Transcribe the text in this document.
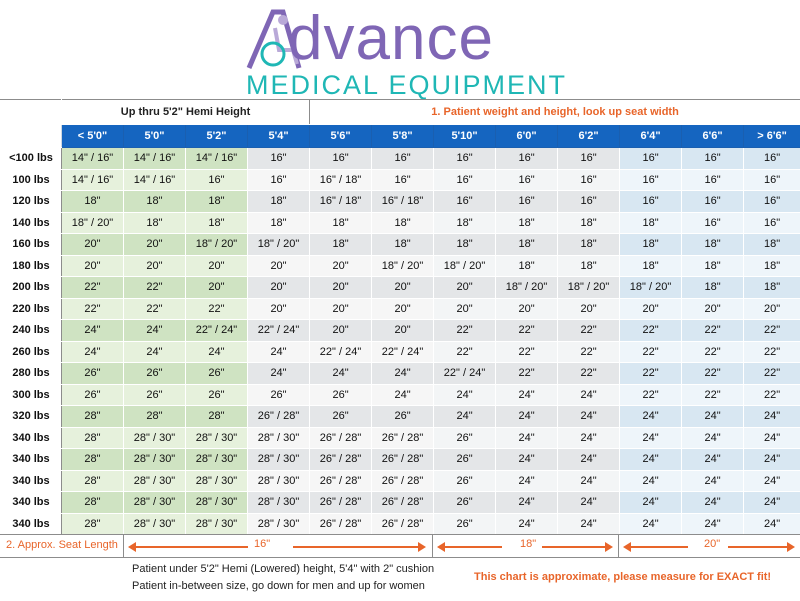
dvance
MEDICAL EQUIPMENT
	Up thru 5'2" Hemi Height				1. Patient weight and height, look up seat width							
	< 5'0"	5'0"	5'2"	5'4"	5'6"	5'8"	5'10"	6'0"	6'2"	6'4"	6'6"	> 6'6"
<100 lbs	14" / 16"	14" / 16"	14" / 16"	16"	16"	16"	16"	16"	16"	16"	16"	16"
100 lbs	14" / 16"	14" / 16"	16"	16"	16" / 18"	16"	16"	16"	16"	16"	16"	16"
120 lbs	18"	18"	18"	18"	16" / 18"	16" / 18"	16"	16"	16"	16"	16"	16"
140 lbs	18" / 20"	18"	18"	18"	18"	18"	18"	18"	18"	18"	16"	16"
160 lbs	20"	20"	18" / 20"	18" / 20"	18"	18"	18"	18"	18"	18"	18"	18"
180 lbs	20"	20"	20"	20"	20"	18" / 20"	18" / 20"	18"	18"	18"	18"	18"
200 lbs	22"	22"	20"	20"	20"	20"	20"	18" / 20"	18" / 20"	18" / 20"	18"	18"
220 lbs	22"	22"	22"	20"	20"	20"	20"	20"	20"	20"	20"	20"
240 lbs	24"	24"	22" / 24"	22" / 24"	20"	20"	22"	22"	22"	22"	22"	22"
260 lbs	24"	24"	24"	24"	22" / 24"	22" / 24"	22"	22"	22"	22"	22"	22"
280 lbs	26"	26"	26"	24"	24"	24"	22" / 24"	22"	22"	22"	22"	22"
300 lbs	26"	26"	26"	26"	26"	24"	24"	24"	24"	22"	22"	22"
320 lbs	28"	28"	28"	26" / 28"	26"	26"	24"	24"	24"	24"	24"	24"
340 lbs	28"	28" / 30"	28" / 30"	28" / 30"	26" / 28"	26" / 28"	26"	24"	24"	24"	24"	24"
340 lbs	28"	28" / 30"	28" / 30"	28" / 30"	26" / 28"	26" / 28"	26"	24"	24"	24"	24"	24"
340 lbs	28"	28" / 30"	28" / 30"	28" / 30"	26" / 28"	26" / 28"	26"	24"	24"	24"	24"	24"
340 lbs	28"	28" / 30"	28" / 30"	28" / 30"	26" / 28"	26" / 28"	26"	24"	24"	24"	24"	24"
340 lbs	28"	28" / 30"	28" / 30"	28" / 30"	26" / 28"	26" / 28"	26"	24"	24"	24"	24"	24"
2. Approx. Seat Length	16"	18"	20"
Patient under 5'2" Hemi (Lowered) height, 5'4" with 2" cushion
Patient in-between size, go down for men and up for women
This chart is approximate, please measure for EXACT fit!
